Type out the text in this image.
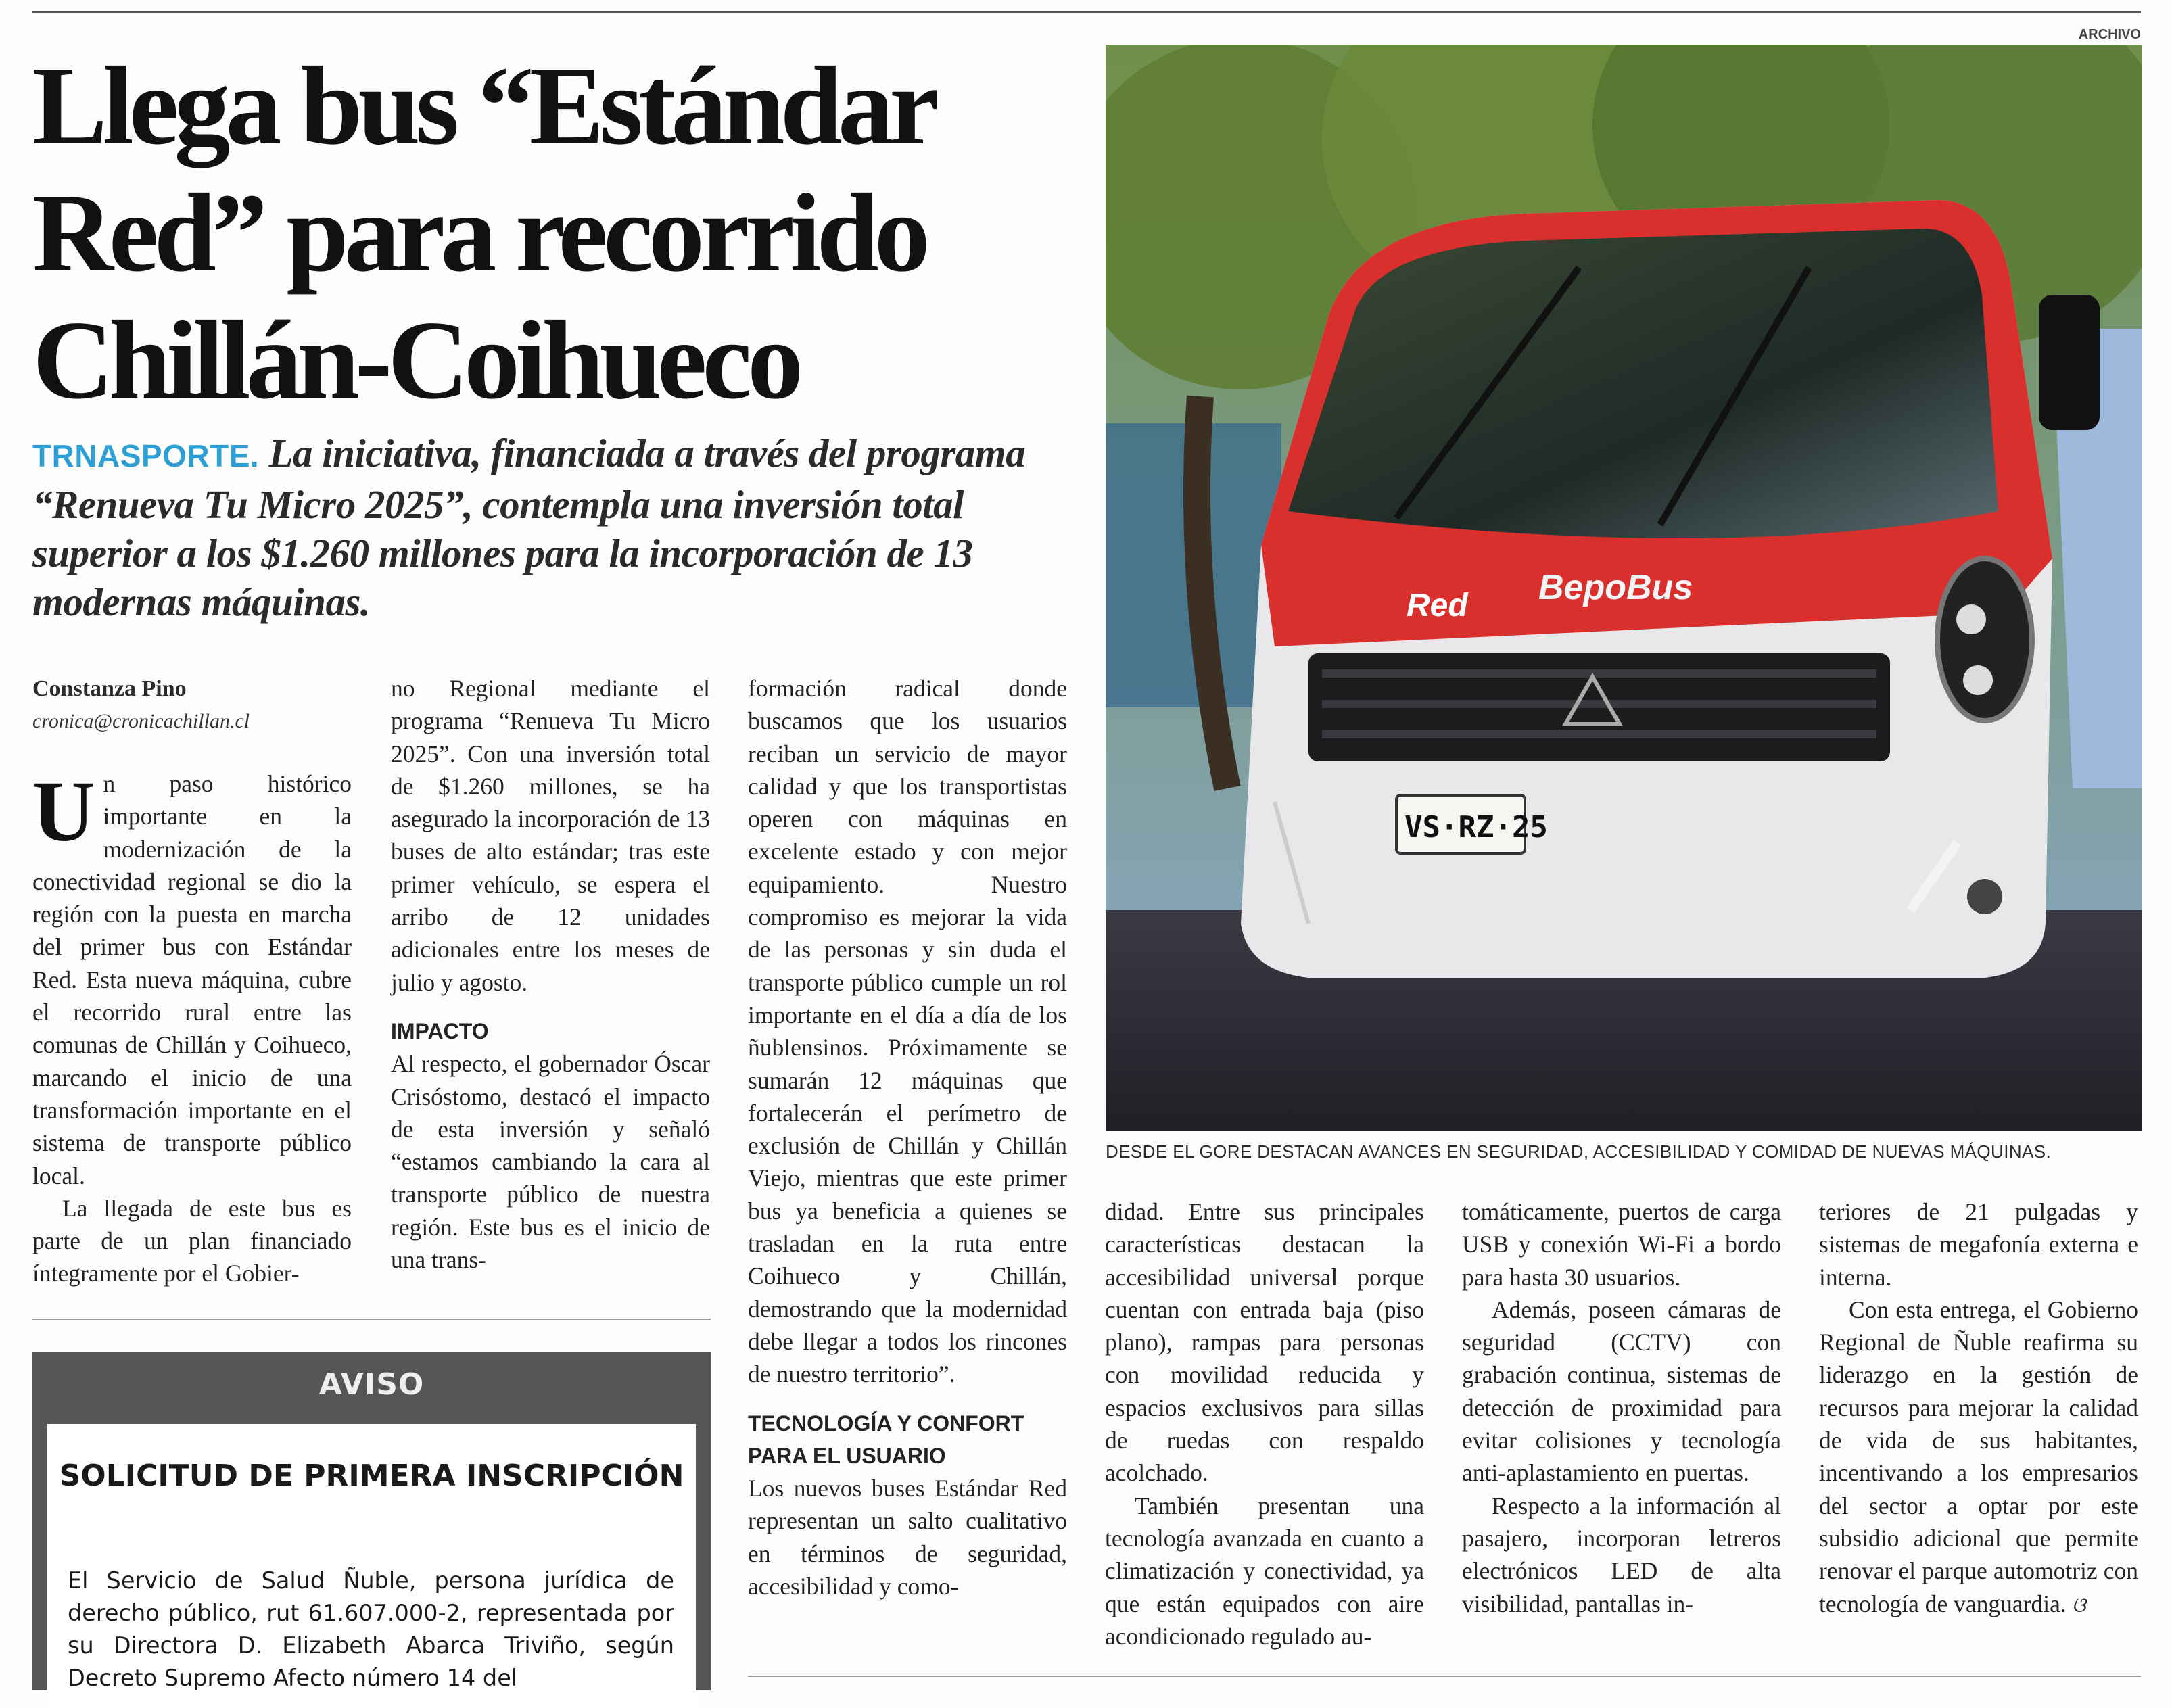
Llega bus “Estándar
Red” para recorrido
Chillán-Coihueco

TRNASPORTE. La iniciativa, financiada a través del programa “Renueva Tu Micro 2025”, contempla una inversión total superior a los $1.260 millones para la incorporación de 13 modernas máquinas.

Constanza Pino
cronica@cronicachillan.cl

Un paso histórico importante en la modernización de la conectividad regional se dio la región con la puesta en marcha del primer bus con Estándar Red. Esta nueva máquina, cubre el recorrido rural entre las comunas de Chillán y Coihueco, marcando el inicio de una transformación importante en el sistema de transporte público local.

La llegada de este bus es parte de un plan financiado íntegramente por el Gobier-

no Regional mediante el programa “Renueva Tu Micro 2025”. Con una inversión total de $1.260 millones, se ha asegurado la incorporación de 13 buses de alto estándar; tras este primer vehículo, se espera el arribo de 12 unidades adicionales entre los meses de julio y agosto.

IMPACTO

Al respecto, el gobernador Óscar Crisóstomo, destacó el impacto de esta inversión y señaló “estamos cambiando la cara al transporte público de nuestra región. Este bus es el inicio de una trans-

formación radical donde buscamos que los usuarios reciban un servicio de mayor calidad y que los transportistas operen con máquinas en excelente estado y con mejor equipamiento. Nuestro compromiso es mejorar la vida de las personas y sin duda el transporte público cumple un rol importante en el día a día de los ñublensinos. Próximamente se sumarán 12 máquinas que fortalecerán el perímetro de exclusión de Chillán y Chillán Viejo, mientras que este primer bus ya beneficia a quienes se trasladan en la ruta entre Coihueco y Chillán, demostrando que la modernidad debe llegar a todos los rincones de nuestro territorio”.

TECNOLOGÍA Y CONFORT PARA EL USUARIO

Los nuevos buses Estándar Red representan un salto cualitativo en términos de seguridad, accesibilidad y como-

didad. Entre sus principales características destacan la accesibilidad universal porque cuentan con entrada baja (piso plano), rampas para personas con movilidad reducida y espacios exclusivos para sillas de ruedas con respaldo acolchado.

También presentan una tecnología avanzada en cuanto a climatización y conectividad, ya que están equipados con aire acondicionado regulado au-

tomáticamente, puertos de carga USB y conexión Wi-Fi a bordo para hasta 30 usuarios.

Además, poseen cámaras de seguridad (CCTV) con grabación continua, sistemas de detección de proximidad para evitar colisiones y tecnología anti-aplastamiento en puertas.

Respecto a la información al pasajero, incorporan letreros electrónicos LED de alta visibilidad, pantallas in-

teriores de 21 pulgadas y sistemas de megafonía externa e interna.

Con esta entrega, el Gobierno Regional de Ñuble reafirma su liderazgo en la gestión de recursos para mejorar la calidad de vida de sus habitantes, incentivando a los empresarios del sector a optar por este subsidio adicional que permite renovar el parque automotriz con tecnología de vanguardia. ଓ

ARCHIVO
Red BepoBus
VS·RZ·25
DESDE EL GORE DESTACAN AVANCES EN SEGURIDAD, ACCESIBILIDAD Y COMIDAD DE NUEVAS MÁQUINAS.
AVISO
SOLICITUD DE PRIMERA INSCRIPCIÓN

El Servicio de Salud Ñuble, persona jurídica de derecho público, rut 61.607.000-2, representada por su Directora D. Elizabeth Abarca Triviño, según Decreto Supremo Afecto número 14 del
